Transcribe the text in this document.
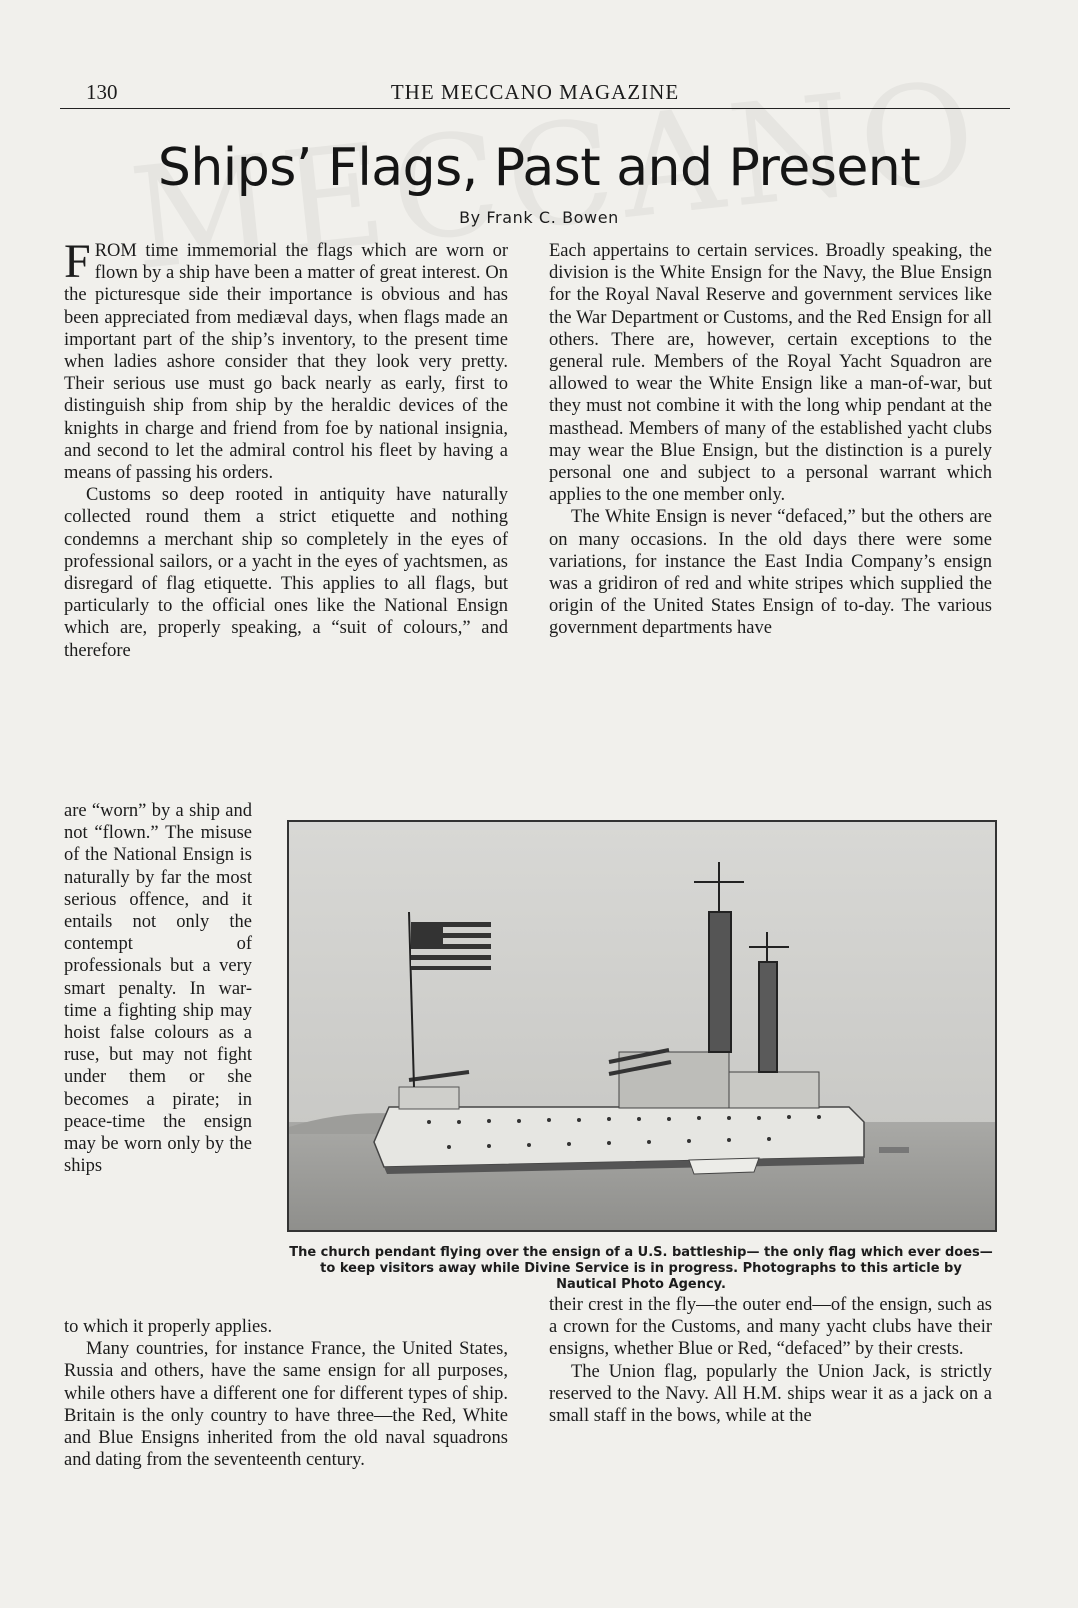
130	THE MECCANO MAGAZINE
Ships’ Flags, Past and Present
By Frank C. Bowen

FROM time immemorial the flags which are worn or flown by a ship have been a matter of great interest. On the picturesque side their importance is obvious and has been appreciated from mediæval days, when flags made an important part of the ship’s inventory, to the present time when ladies ashore consider that they look very pretty. Their serious use must go back nearly as early, first to distinguish ship from ship by the heraldic devices of the knights in charge and friend from foe by national insignia, and second to let the admiral control his fleet by having a means of passing his orders.

Customs so deep rooted in antiquity have naturally collected round them a strict etiquette and nothing condemns a merchant ship so completely in the eyes of professional sailors, or a yacht in the eyes of yachtsmen, as disregard of flag etiquette. This applies to all flags, but particularly to the official ones like the National Ensign which are, properly speaking, a “suit of colours,” and therefore

are “worn” by a ship and not “flown.” The misuse of the National Ensign is naturally by far the most serious offence, and it entails not only the contempt of professionals but a very smart penalty. In war-time a fighting ship may hoist false colours as a ruse, but may not fight under them or she becomes a pirate; in peace-time the ensign may be worn only by the ships

to which it properly applies.

Many countries, for instance France, the United States, Russia and others, have the same ensign for all purposes, while others have a different one for different types of ship. Britain is the only country to have three—the Red, White and Blue Ensigns inherited from the old naval squadrons and dating from the seventeenth century.

Each appertains to certain services. Broadly speaking, the division is the White Ensign for the Navy, the Blue Ensign for the Royal Naval Reserve and government services like the War Department or Customs, and the Red Ensign for all others. There are, however, certain exceptions to the general rule. Members of the Royal Yacht Squadron are allowed to wear the White Ensign like a man-of-war, but they must not combine it with the long whip pendant at the masthead. Members of many of the established yacht clubs may wear the Blue Ensign, but the distinction is a purely personal one and subject to a personal warrant which applies to the one member only.

The White Ensign is never “defaced,” but the others are on many occasions. In the old days there were some variations, for instance the East India Company’s ensign was a gridiron of red and white stripes which supplied the origin of the United States Ensign of to-day. The various government departments have

The church pendant flying over the ensign of a U.S. battleship— the only flag which ever does—to keep visitors away while Divine Service is in progress. Photographs to this article by Nautical Photo Agency.

their crest in the fly—the outer end—of the ensign, such as a crown for the Customs, and many yacht clubs have their ensigns, whether Blue or Red, “defaced” by their crests.

The Union flag, popularly the Union Jack, is strictly reserved to the Navy. All H.M. ships wear it as a jack on a small staff in the bows, while at the
